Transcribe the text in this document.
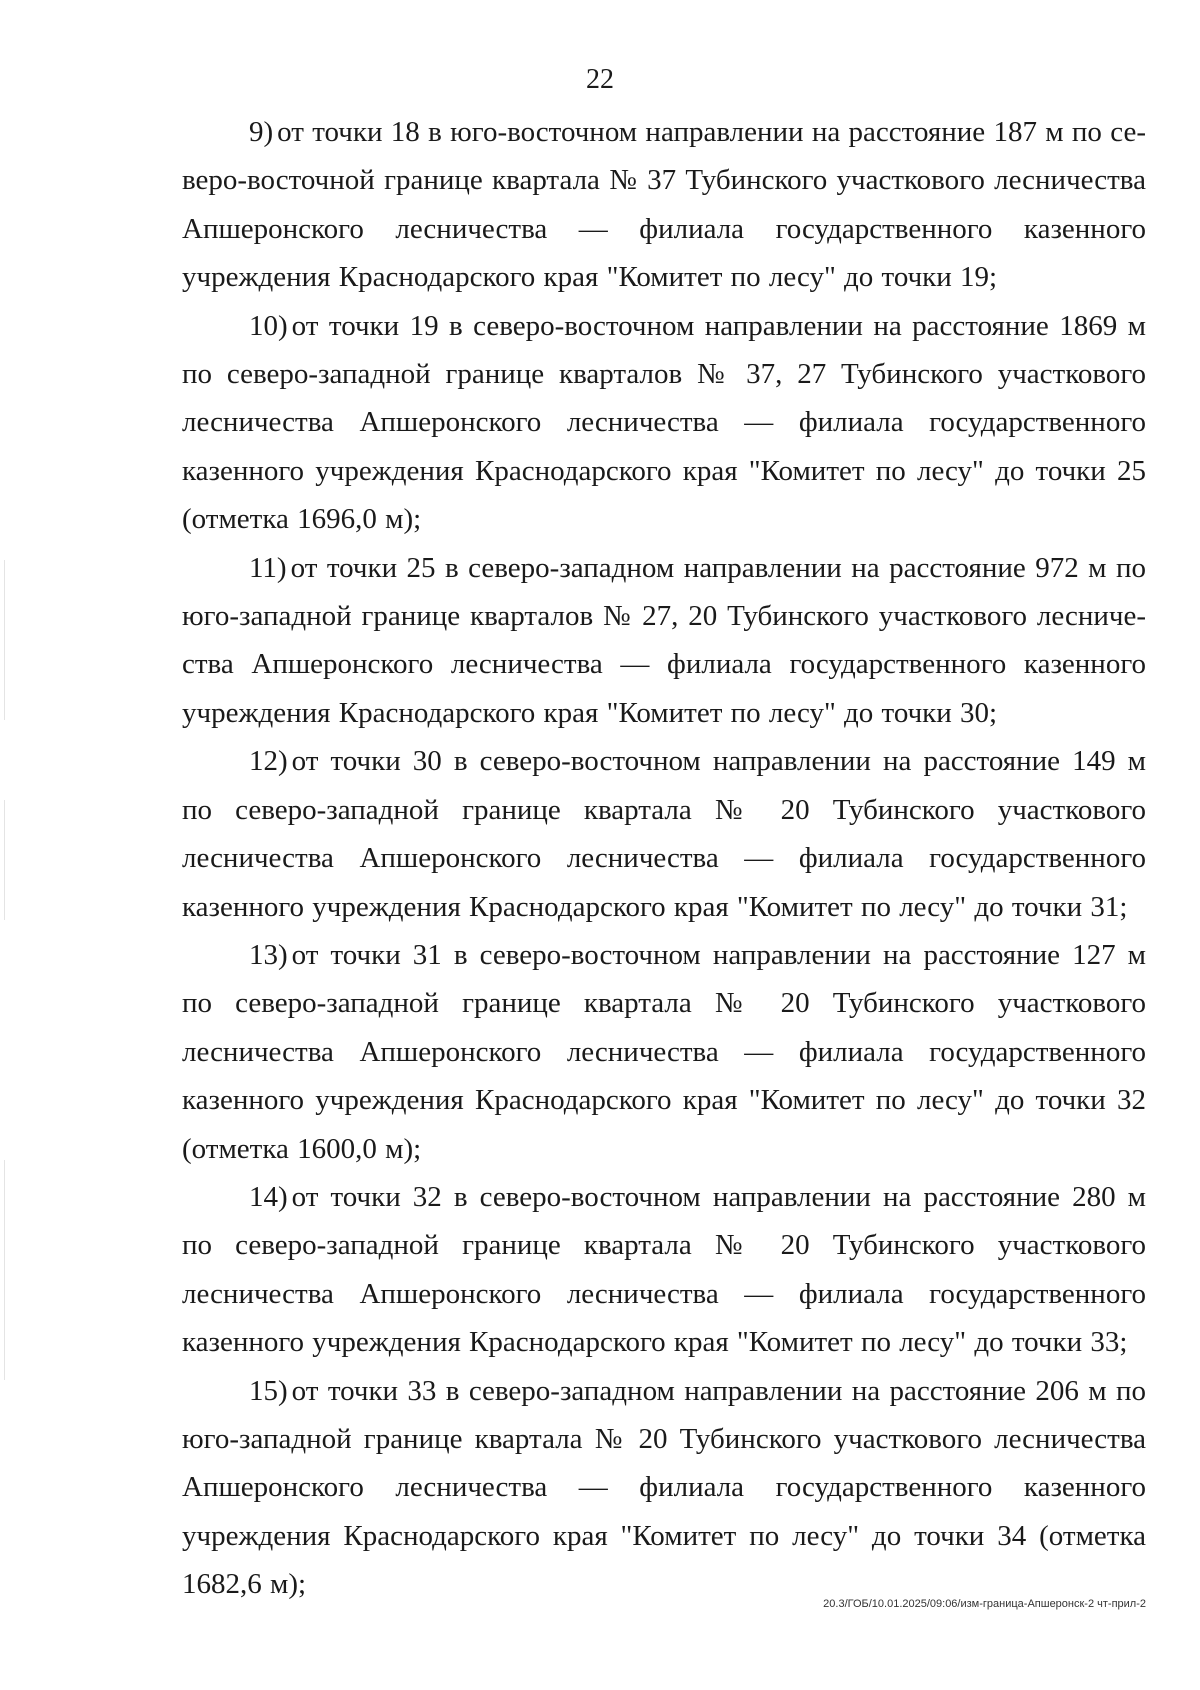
22

9) от точки 18 в юго-восточном направлении на расстояние 187 м по северо-восточной границе квартала № 37 Тубинского участкового лесничества Апшеронского лесничества — филиала государственного казенного учреждения Краснодарского края "Комитет по лесу" до точки 19;

10) от точки 19 в северо-восточном направлении на расстояние 1869 м по северо-западной границе кварталов № 37, 27 Тубинского участкового лесничества Апшеронского лесничества — филиала государственного казенного учреждения Краснодарского края "Комитет по лесу" до точки 25 (отметка 1696,0 м);

11) от точки 25 в северо-западном направлении на расстояние 972 м по юго-западной границе кварталов № 27, 20 Тубинского участкового лесничества Апшеронского лесничества — филиала государственного казенного учреждения Краснодарского края "Комитет по лесу" до точки 30;

12) от точки 30 в северо-восточном направлении на расстояние 149 м по северо-западной границе квартала № 20 Тубинского участкового лесничества Апшеронского лесничества — филиала государственного казенного учреждения Краснодарского края "Комитет по лесу" до точки 31;

13) от точки 31 в северо-восточном направлении на расстояние 127 м по северо-западной границе квартала № 20 Тубинского участкового лесничества Апшеронского лесничества — филиала государственного казенного учреждения Краснодарского края "Комитет по лесу" до точки 32 (отметка 1600,0 м);

14) от точки 32 в северо-восточном направлении на расстояние 280 м по северо-западной границе квартала № 20 Тубинского участкового лесничества Апшеронского лесничества — филиала государственного казенного учреждения Краснодарского края "Комитет по лесу" до точки 33;

15) от точки 33 в северо-западном направлении на расстояние 206 м по юго-западной границе квартала № 20 Тубинского участкового лесничества Апшеронского лесничества — филиала государственного казенного учреждения Краснодарского края "Комитет по лесу" до точки 34 (отметка 1682,6 м);

20.3/ГОБ/10.01.2025/09:06/изм-граница-Апшеронск-2 чт-прил-2
